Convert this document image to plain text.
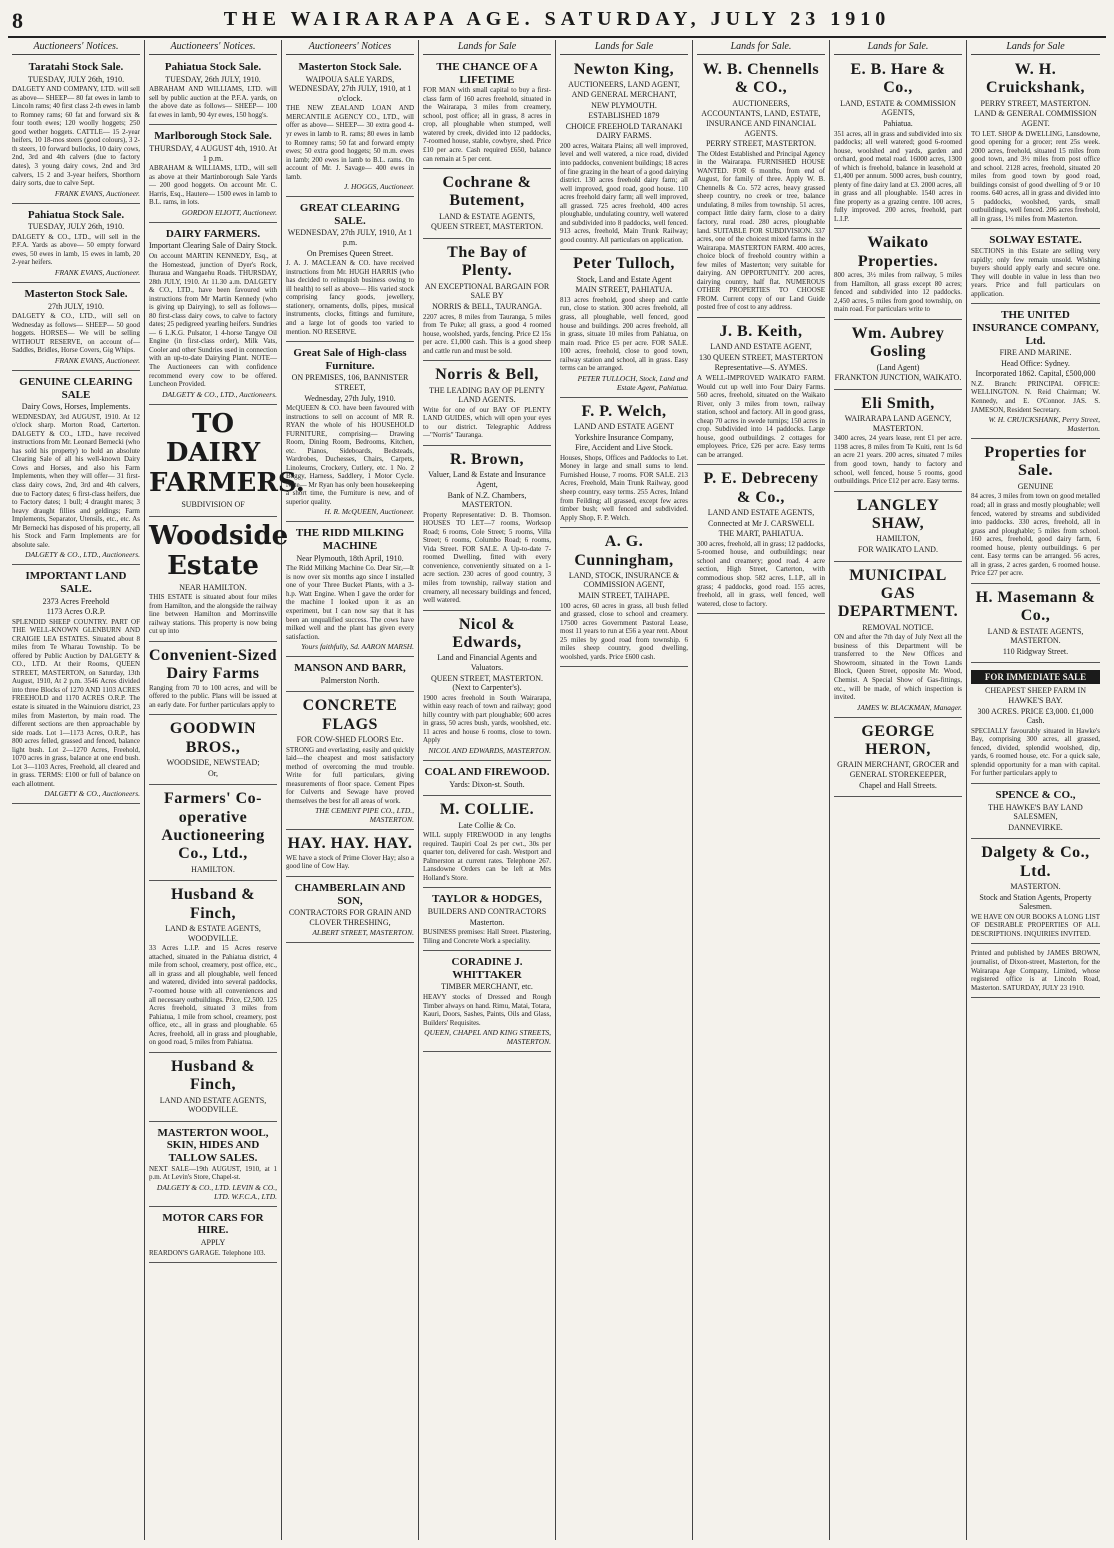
8	THE WAIRARAPA AGE. SATURDAY, JULY 23 1910
Auctioneers' Notices.
Taratahi Stock Sale.
TUESDAY, JULY 26th, 1910.
DALGETY AND COMPANY, LTD. will sell as above— SHEEP— 80 fat ewes in lamb to Lincoln rams; 40 first class 2-th ewes in lamb to Romney rams; 60 fat and forward six & four tooth ewes; 120 woolly hoggets; 250 good wether hoggets. CATTLE— 15 2-year heifers, 10 18-mos steers (good colours), 3 2-th steers, 10 forward bullocks, 10 dairy cows, 2nd, 3rd and 4th calvers (due to factory dates), 3 young dairy cows, 2nd and 3rd calvers, 15 2 and 3-year heifers, Shorthorn dairy sorts, due to calve Sept.
FRANK EVANS, Auctioneer.
Pahiatua Stock Sale.
TUESDAY, JULY 26th, 1910.
DALGETY & CO., LTD., will sell in the P.F.A. Yards as above— 50 empty forward ewes, 50 ewes in lamb, 15 ewes in lamb, 20 2-year heifers.
FRANK EVANS, Auctioneer.
Masterton Stock Sale.
27th JULY, 1910.
DALGETY & CO., LTD., will sell on Wednesday as follows— SHEEP— 50 good hoggets. HORSES— We will be selling WITHOUT RESERVE, on account of— Saddles, Bridles, Horse Covers, Gig Whips.
FRANK EVANS, Auctioneer.
GENUINE CLEARING SALE
Dairy Cows, Horses, Implements.
WEDNESDAY, 3rd AUGUST, 1910. At 12 o'clock sharp. Morton Road, Carterton. DALGETY & CO., LTD., have received instructions from Mr. Leonard Bernecki (who has sold his property) to hold an absolute Clearing Sale of all his well-known Dairy Cows and Horses, and also his Farm Implements, when they will offer— 31 first-class dairy cows, 2nd, 3rd and 4th calvers, due to Factory dates; 6 first-class heifers, due to Factory dates; 1 bull; 4 draught mares; 3 heavy draught fillies and geldings; Farm Implements, Separator, Utensils, etc., etc. As Mr Bernecki has disposed of his property, all his Stock and Farm Implements are for absolute sale.
DALGETY & CO., LTD., Auctioneers.
IMPORTANT LAND SALE.
2373 Acres Freehold
1173 Acres O.R.P.
SPLENDID SHEEP COUNTRY. PART OF THE WELL-KNOWN GLENBURN AND CRAIGIE LEA ESTATES. Situated about 8 miles from Te Wharau Township. To be offered by Public Auction by DALGETY & CO., LTD. At their Rooms, QUEEN STREET, MASTERTON, on Saturday, 13th August, 1910, At 2 p.m. 3546 Acres divided into three Blocks of 1270 AND 1103 ACRES FREEHOLD and 1170 ACRES O.R.P. The estate is situated in the Wainuioru district, 23 miles from Masterton, by main road. The different sections are then approachable by side roads. Lot 1—1173 Acres, O.R.P., has 800 acres felled, grassed and fenced, balance light bush. Lot 2—1270 Acres, Freehold, 1070 acres in grass, balance at one end bush. Lot 3—1103 Acres, Freehold, all cleared and in grass. TERMS: £100 or full of balance on each allotment.
DALGETY & CO., Auctioneers.
Auctioneers' Notices.
Pahiatua Stock Sale.
TUESDAY, 26th JULY, 1910.
ABRAHAM AND WILLIAMS, LTD. will sell by public auction at the P.F.A. yards, on the above date as follows— SHEEP— 100 fat ewes in lamb, 90 4yr ewes, 150 hogg's.
Marlborough Stock Sale.
THURSDAY, 4 AUGUST 4th, 1910. At 1 p.m.
ABRAHAM & WILLIAMS, LTD., will sell as above at their Martinborough Sale Yards— 200 good hoggets. On account Mr. C. Harris, Esq., Hautere— 1500 ewes in lamb to B.L. rams, in lots.
GORDON ELIOTT, Auctioneer.
DAIRY FARMERS.
Important Clearing Sale of Dairy Stock.
On account MARTIN KENNEDY, Esq., at the Homestead, junction of Dyer's Rock, Ihuraua and Wangaehu Roads. THURSDAY, 28th JULY, 1910. At 11.30 a.m. DALGETY & CO., LTD., have been favoured with instructions from Mr Martin Kennedy (who is giving up Dairying), to sell as follows— 80 first-class dairy cows, to calve to factory dates; 25 pedigreed yearling heifers. Sundries— 6 L.K.G. Pulsator, 1 4-horse Tangye Oil Engine (in first-class order), Milk Vats, Cooler and other Sundries used in connection with an up-to-date Dairying Plant. NOTE— The Auctioneers can with confidence recommend every cow to be offered. Luncheon Provided.
DALGETY & CO., LTD., Auctioneers.
TO DAIRY FARMERS.
SUBDIVISION OF
Woodside Estate
NEAR HAMILTON.
THIS ESTATE is situated about four miles from Hamilton, and the alongside the railway line between Hamilton and Morrinsville railway stations. This property is now being cut up into
Convenient-Sized Dairy Farms
Ranging from 70 to 100 acres, and will be offered to the public. Plans will be issued at an early date. For further particulars apply to
GOODWIN BROS.,
WOODSIDE, NEWSTEAD;
Or,
Farmers' Co-operative Auctioneering Co., Ltd.,
HAMILTON.
Husband & Finch,
LAND & ESTATE AGENTS, WOODVILLE.
33 Acres L.I.P. and 15 Acres reserve attached, situated in the Pahiatua district, 4 mile from school, creamery, post office, etc., all in grass and all ploughable, well fenced and watered, divided into several paddocks, 7-roomed house with all conveniences and all necessary outbuildings. Price, £2,500. 125 Acres freehold, situated 3 miles from Pahiatua, 1 mile from school, creamery, post office, etc., all in grass and ploughable. 65 Acres, freehold, all in grass and ploughable, on good road, 5 miles from Pahiatua.
Husband & Finch,
LAND AND ESTATE AGENTS, WOODVILLE.
MASTERTON WOOL, SKIN, HIDES AND TALLOW SALES.
NEXT SALE—19th AUGUST, 1910, at 1 p.m. At Levin's Store, Chapel-st.
DALGETY & CO., LTD. LEVIN & CO., LTD. W.F.C.A., LTD.
MOTOR CARS FOR HIRE.
APPLY
REARDON'S GARAGE. Telephone 103.
Auctioneers' Notices
Masterton Stock Sale.
WAIPOUA SALE YARDS, WEDNESDAY, 27th JULY, 1910, at 1 o'clock.
THE NEW ZEALAND LOAN AND MERCANTILE AGENCY CO., LTD., will offer as above— SHEEP— 30 extra good 4-yr ewes in lamb to R. rams; 80 ewes in lamb to Romney rams; 50 fat and forward empty ewes; 50 extra good hoggets; 50 m.m. ewes in lamb; 200 ewes in lamb to B.L. rams. On account of Mr. J. Savage— 400 ewes in lamb.
J. HOGGS, Auctioneer.
GREAT CLEARING SALE.
WEDNESDAY, 27th JULY, 1910, At 1 p.m.
On Premises Queen Street.
J. A. J. MACLEAN & CO. have received instructions from Mr. HUGH HARRIS (who has decided to relinquish business owing to ill health) to sell as above— His varied stock comprising fancy goods, jewellery, stationery, ornaments, dolls, pipes, musical instruments, clocks, fittings and furniture, and a large lot of goods too varied to mention. NO RESERVE.
Great Sale of High-class Furniture.
ON PREMISES, 106, BANNISTER STREET,
Wednesday, 27th July, 1910.
McQUEEN & CO. have been favoured with instructions to sell on account of MR R. RYAN the whole of his HOUSEHOLD FURNITURE, comprising— Drawing Room, Dining Room, Bedrooms, Kitchen, etc. Pianos, Sideboards, Bedsteads, Wardrobes, Duchesses, Chairs, Carpets, Linoleums, Crockery, Cutlery, etc. 1 No. 2 Buggy, Harness, Saddlery, 1 Motor Cycle. Note— Mr Ryan has only been housekeeping a short time, the Furniture is new, and of superior quality.
H. R. McQUEEN, Auctioneer.
THE RIDD MILKING MACHINE
Near Plymouth, 18th April, 1910.
The Ridd Milking Machine Co. Dear Sir,—It is now over six months ago since I installed one of your Three Bucket Plants, with a 3-h.p. Watt Engine. When I gave the order for the machine I looked upon it as an experiment, but I can now say that it has been an unqualified success. The cows have milked well and the plant has given every satisfaction.
Yours faithfully, Sd. AARON MARSH.
MANSON AND BARR,
Palmerston North.
CONCRETE FLAGS
FOR COW-SHED FLOORS Etc.
STRONG and everlasting, easily and quickly laid—the cheapest and most satisfactory method of overcoming the mud trouble. Write for full particulars, giving measurements of floor space. Cement Pipes for Culverts and Sewage have proved themselves the best for all areas of work.
THE CEMENT PIPE CO., LTD., MASTERTON.
HAY. HAY. HAY.
WE have a stock of Prime Clover Hay; also a good line of Cow Hay.
CHAMBERLAIN AND SON,
CONTRACTORS FOR GRAIN AND CLOVER THRESHING,
ALBERT STREET, MASTERTON.
Lands for Sale
THE CHANCE OF A LIFETIME
FOR MAN with small capital to buy a first-class farm of 160 acres freehold, situated in the Wairarapa, 3 miles from creamery, school, post office; all in grass, 8 acres in crop, all ploughable when stumped, well watered by creek, divided into 12 paddocks, 7-roomed house, stable, cowbyre, shed. Price £10 per acre. Cash required £650, balance can remain at 5 per cent.
Cochrane & Butement,
LAND & ESTATE AGENTS,
QUEEN STREET, MASTERTON.
The Bay of Plenty.
AN EXCEPTIONAL BARGAIN FOR SALE BY
NORRIS & BELL, TAURANGA.
2207 acres, 8 miles from Tauranga, 5 miles from Te Puke; all grass, a good 4 roomed house, woolshed, yards, fencing. Price £2 15s per acre. £1,000 cash. This is a good sheep and cattle run and must be sold.
Norris & Bell,
THE LEADING BAY OF PLENTY LAND AGENTS.
Write for one of our BAY OF PLENTY LAND GUIDES, which will open your eyes to our district. Telegraphic Address—"Norris" Tauranga.
R. Brown,
Valuer, Land & Estate and Insurance Agent,
Bank of N.Z. Chambers, MASTERTON.
Property Representative: D. B. Thomson. HOUSES TO LET—7 rooms, Worksop Road; 6 rooms, Cole Street; 5 rooms, Villa Street; 6 rooms, Columbo Road; 6 rooms, Vida Street. FOR SALE. A Up-to-date 7-roomed Dwelling, fitted with every convenience, conveniently situated on a 1-acre section. 230 acres of good country, 3 miles from township, railway station and creamery, all necessary buildings and fenced, well watered.
Nicol & Edwards,
Land and Financial Agents and Valuators.
QUEEN STREET, MASTERTON. (Next to Carpenter's).
1900 acres freehold in South Wairarapa, within easy reach of town and railway; good hilly country with part ploughable; 600 acres in grass, 50 acres bush, yards, woolshed, etc. 11 acres and house 6 rooms, close to town. Apply
NICOL AND EDWARDS, MASTERTON.
COAL AND FIREWOOD.
Yards: Dixon-st. South.
M. COLLIE.
Late Collie & Co.
WILL supply FIREWOOD in any lengths required. Taupiri Coal 2s per cwt., 30s per quarter ton, delivered for cash. Westport and Palmerston at current rates. Telephone 267. Lansdowne Orders can be left at Mrs Holland's Store.
TAYLOR & HODGES,
BUILDERS AND CONTRACTORS
Masterton.
BUSINESS premises: Hall Street. Plastering, Tiling and Concrete Work a speciality.
CORADINE J. WHITTAKER
TIMBER MERCHANT, etc.
HEAVY stocks of Dressed and Rough Timber always on hand. Rimu, Matai, Totara, Kauri, Doors, Sashes, Paints, Oils and Glass, Builders' Requisites.
QUEEN, CHAPEL AND KING STREETS, MASTERTON.
Lands for Sale
Newton King,
AUCTIONEERS, LAND AGENT, AND GENERAL MERCHANT,
NEW PLYMOUTH.
ESTABLISHED 1879
CHOICE FREEHOLD TARANAKI DAIRY FARMS.
200 acres, Waitara Plains; all well improved, level and well watered, a nice road, divided into paddocks, convenient buildings; 18 acres of fine grazing in the heart of a good dairying district. 130 acres freehold dairy farm; all well improved, good road, good house. 110 acres freehold dairy farm; all well improved, all grassed. 725 acres freehold, 400 acres ploughable, undulating country, well watered and subdivided into 8 paddocks, well fenced. 913 acres, freehold, Main Trunk Railway; good country. All particulars on application.
Peter Tulloch,
Stock, Land and Estate Agent
MAIN STREET, PAHIATUA.
813 acres freehold, good sheep and cattle run, close to station. 300 acres freehold, all grass, all ploughable, well fenced, good house and buildings. 200 acres freehold, all in grass, situate 10 miles from Pahiatua, on main road. Price £5 per acre. FOR SALE. 100 acres, freehold, close to good town, railway station and school, all in grass. Easy terms can be arranged.
PETER TULLOCH, Stock, Land and Estate Agent, Pahiatua.
F. P. Welch,
LAND AND ESTATE AGENT
Yorkshire Insurance Company,
Fire, Accident and Live Stock.
Houses, Shops, Offices and Paddocks to Let. Money in large and small sums to lend. Furnished House, 7 rooms. FOR SALE. 213 Acres, Freehold, Main Trunk Railway, good sheep country, easy terms. 255 Acres, Inland from Feilding; all grassed, except few acres timber bush; well fenced and subdivided. Apply Shop, F. P. Welch.
A. G. Cunningham,
LAND, STOCK, INSURANCE & COMMISSION AGENT,
MAIN STREET, TAIHAPE.
100 acres, 60 acres in grass, all bush felled and grassed, close to school and creamery. 17500 acres Government Pastoral Lease, most 11 years to run at £56 a year rent. About 25 miles by good road from township. 6 miles sheep country, good dwelling, woolshed, yards. Price £600 cash.
Lands for Sale.
W. B. Chennells & CO.,
AUCTIONEERS,
ACCOUNTANTS, LAND, ESTATE, INSURANCE AND FINANCIAL AGENTS.
PERRY STREET, MASTERTON.
The Oldest Established and Principal Agency in the Wairarapa. FURNISHED HOUSE WANTED. FOR 6 months, from end of August, for family of three. Apply W. B. Chennells & Co. 572 acres, heavy grassed sheep country, no creek or tree, balance undulating, 8 miles from township. 51 acres, compact little dairy farm, close to a dairy factory, rural road. 280 acres, ploughable land. SUITABLE FOR SUBDIVISION. 337 acres, one of the choicest mixed farms in the Wairarapa. MASTERTON FARM. 400 acres, choice block of freehold country within a few miles of Masterton; very suitable for dairying. AN OPPORTUNITY. 200 acres, dairying country, half flat. NUMEROUS OTHER PROPERTIES TO CHOOSE FROM. Current copy of our Land Guide posted free of cost to any address.
J. B. Keith,
LAND AND ESTATE AGENT,
130 QUEEN STREET, MASTERTON
Representative—S. AYMES.
A WELL-IMPROVED WAIKATO FARM. Would cut up well into Four Dairy Farms. 560 acres, freehold, situated on the Waikato River, only 3 miles from town, railway station, school and factory. All in good grass, cheap 70 acres in swede turnips; 150 acres in crop. Subdivided into 14 paddocks. Large house, good outbuildings. 2 cottages for employees. Price, £26 per acre. Easy terms can be arranged.
P. E. Debreceny & Co.,
LAND AND ESTATE AGENTS,
Connected at Mr J. CARSWELL
THE MART, PAHIATUA.
300 acres, freehold, all in grass; 12 paddocks, 5-roomed house, and outbuildings; near school and creamery; good road. 4 acre section, High Street, Carterton, with commodious shop. 582 acres, L.I.P., all in grass; 4 paddocks, good road. 155 acres, freehold, all in grass, well fenced, well watered, close to factory.
Lands for Sale.
E. B. Hare & Co.,
LAND, ESTATE & COMMISSION AGENTS,
Pahiatua.
351 acres, all in grass and subdivided into six paddocks; all well watered; good 6-roomed house, woolshed and yards, garden and orchard, good metal road. 16000 acres, 1300 of which is freehold, balance in leasehold at £1,400 per annum. 5000 acres, bush country, plenty of fine dairy land at £3. 2000 acres, all in grass and all ploughable. 1540 acres in fine property as a grazing centre. 100 acres, fully improved. 200 acres, freehold, part L.I.P.
Waikato Properties.
800 acres, 3½ miles from railway, 5 miles from Hamilton, all grass except 80 acres; fenced and subdivided into 12 paddocks. 2,450 acres, 5 miles from good township, on main road. For particulars write to
Wm. Aubrey Gosling
(Land Agent)
FRANKTON JUNCTION, WAIKATO.
Eli Smith,
WAIRARAPA LAND AGENCY, MASTERTON.
3400 acres, 24 years lease, rent £1 per acre. 1198 acres, 8 miles from Te Kuiti, rent 1s 6d an acre 21 years. 200 acres, situated 7 miles from good town, handy to factory and school, well fenced, house 5 rooms, good outbuildings. Price £12 per acre. Easy terms.
LANGLEY SHAW,
HAMILTON,
FOR WAIKATO LAND.
MUNICIPAL GAS DEPARTMENT.
REMOVAL NOTICE.
ON and after the 7th day of July Next all the business of this Department will be transferred to the New Offices and Showroom, situated in the Town Lands Block, Queen Street, opposite Mr. Wood, Chemist. A Special Show of Gas-fittings, etc., will be made, of which inspection is invited.
JAMES W. BLACKMAN, Manager.
GEORGE HERON,
GRAIN MERCHANT, GROCER and GENERAL STOREKEEPER,
Chapel and Hall Streets.
Lands for Sale
W. H. Cruickshank,
PERRY STREET, MASTERTON.
LAND & GENERAL COMMISSION AGENT.
TO LET. SHOP & DWELLING, Lansdowne, good opening for a grocer; rent 25s week. 2000 acres, freehold, situated 15 miles from good town, and 3½ miles from post office and school. 2128 acres, freehold, situated 20 miles from good town by good road, buildings consist of good dwelling of 9 or 10 rooms. 640 acres, all in grass and divided into 5 paddocks, woolshed, yards, small outbuildings, well fenced. 206 acres freehold, all in grass, 1½ miles from Masterton.
SOLWAY ESTATE.
SECTIONS in this Estate are selling very rapidly; only few remain unsold. Wishing buyers should apply early and secure one. They will double in value in less than two years. Price and full particulars on application.
THE UNITED INSURANCE COMPANY, Ltd.
FIRE AND MARINE.
Head Office: Sydney.
Incorporated 1862. Capital, £500,000
N.Z. Branch: PRINCIPAL OFFICE: WELLINGTON. N. Reid Chairman; W. Kennedy, and E. O'Connor. JAS. S. JAMESON, Resident Secretary.
W. H. CRUICKSHANK, Perry Street, Masterton.
Properties for Sale.
GENUINE
84 acres, 3 miles from town on good metalled road; all in grass and mostly ploughable; well fenced, watered by streams and subdivided into paddocks. 330 acres, freehold, all in grass and ploughable; 5 miles from school. 160 acres, freehold, good dairy farm, 6 roomed house, plenty outbuildings. 6 per cent. Easy terms can be arranged. 56 acres, all in grass, 2 acres garden, 6 roomed house. Price £27 per acre.
H. Masemann & Co.,
LAND & ESTATE AGENTS, MASTERTON.
110 Ridgway Street.
FOR IMMEDIATE SALE
CHEAPEST SHEEP FARM IN HAWKE'S BAY.
300 ACRES. PRICE £3,000. £1,000 Cash.
SPECIALLY favourably situated in Hawke's Bay, comprising 300 acres, all grassed, fenced, divided, splendid woolshed, dip, yards, 6 roomed house, etc. For a quick sale, splendid opportunity for a man with capital. For further particulars apply to
SPENCE & CO.,
THE HAWKE'S BAY LAND SALESMEN,
DANNEVIRKE.
Dalgety & Co., Ltd.
MASTERTON.
Stock and Station Agents, Property Salesmen.
WE HAVE ON OUR BOOKS A LONG LIST OF DESIRABLE PROPERTIES OF ALL DESCRIPTIONS. INQUIRIES INVITED.
Printed and published by JAMES BROWN, journalist, of Dixon-street, Masterton, for the Wairarapa Age Company, Limited, whose registered office is at Lincoln Road, Masterton. SATURDAY, JULY 23 1910.
